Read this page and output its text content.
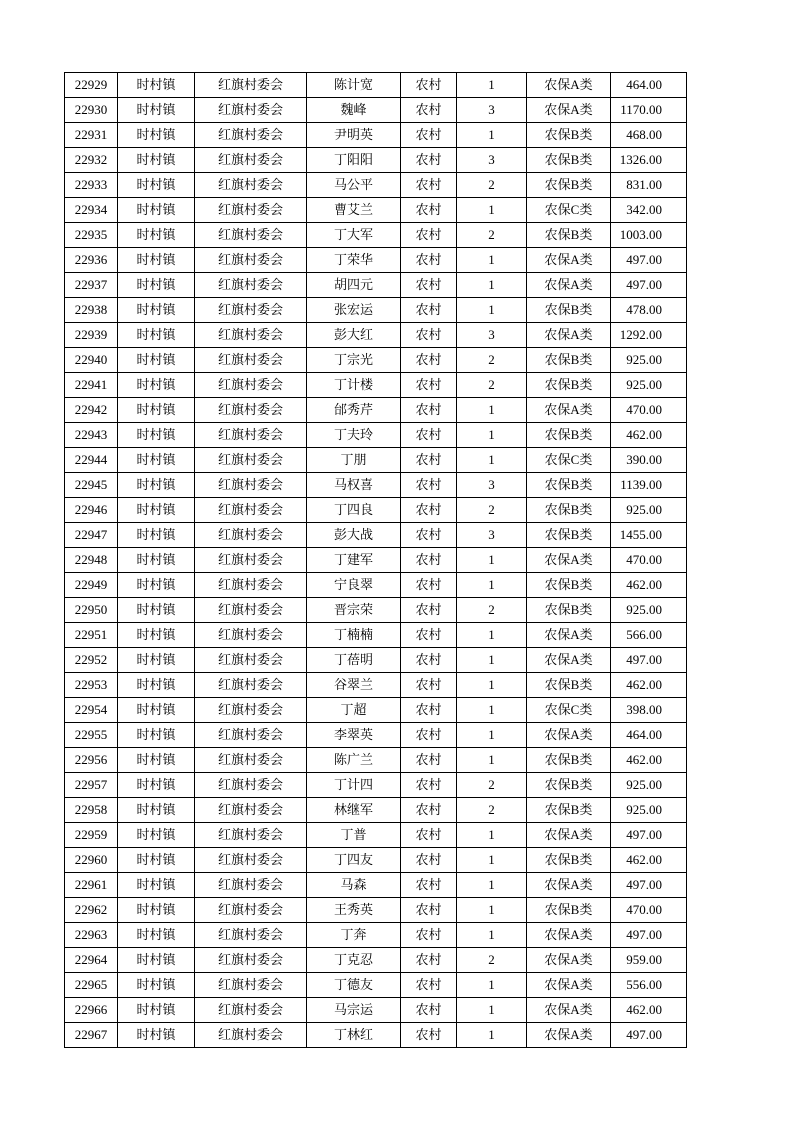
22929	时村镇	红旗村委会	陈计宽	农村	1	农保A类	464.00
22930	时村镇	红旗村委会	魏峰	农村	3	农保A类	1170.00
22931	时村镇	红旗村委会	尹明英	农村	1	农保B类	468.00
22932	时村镇	红旗村委会	丁阳阳	农村	3	农保B类	1326.00
22933	时村镇	红旗村委会	马公平	农村	2	农保B类	831.00
22934	时村镇	红旗村委会	曹艾兰	农村	1	农保C类	342.00
22935	时村镇	红旗村委会	丁大军	农村	2	农保B类	1003.00
22936	时村镇	红旗村委会	丁荣华	农村	1	农保A类	497.00
22937	时村镇	红旗村委会	胡四元	农村	1	农保A类	497.00
22938	时村镇	红旗村委会	张宏运	农村	1	农保B类	478.00
22939	时村镇	红旗村委会	彭大红	农村	3	农保A类	1292.00
22940	时村镇	红旗村委会	丁宗光	农村	2	农保B类	925.00
22941	时村镇	红旗村委会	丁计楼	农村	2	农保B类	925.00
22942	时村镇	红旗村委会	邰秀芹	农村	1	农保A类	470.00
22943	时村镇	红旗村委会	丁夫玲	农村	1	农保B类	462.00
22944	时村镇	红旗村委会	丁朋	农村	1	农保C类	390.00
22945	时村镇	红旗村委会	马权喜	农村	3	农保B类	1139.00
22946	时村镇	红旗村委会	丁四良	农村	2	农保B类	925.00
22947	时村镇	红旗村委会	彭大战	农村	3	农保B类	1455.00
22948	时村镇	红旗村委会	丁建军	农村	1	农保A类	470.00
22949	时村镇	红旗村委会	宁良翠	农村	1	农保B类	462.00
22950	时村镇	红旗村委会	晋宗荣	农村	2	农保B类	925.00
22951	时村镇	红旗村委会	丁楠楠	农村	1	农保A类	566.00
22952	时村镇	红旗村委会	丁蓓明	农村	1	农保A类	497.00
22953	时村镇	红旗村委会	谷翠兰	农村	1	农保B类	462.00
22954	时村镇	红旗村委会	丁超	农村	1	农保C类	398.00
22955	时村镇	红旗村委会	李翠英	农村	1	农保A类	464.00
22956	时村镇	红旗村委会	陈广兰	农村	1	农保B类	462.00
22957	时村镇	红旗村委会	丁计四	农村	2	农保B类	925.00
22958	时村镇	红旗村委会	林继军	农村	2	农保B类	925.00
22959	时村镇	红旗村委会	丁普	农村	1	农保A类	497.00
22960	时村镇	红旗村委会	丁四友	农村	1	农保B类	462.00
22961	时村镇	红旗村委会	马森	农村	1	农保A类	497.00
22962	时村镇	红旗村委会	王秀英	农村	1	农保B类	470.00
22963	时村镇	红旗村委会	丁奔	农村	1	农保A类	497.00
22964	时村镇	红旗村委会	丁克忍	农村	2	农保A类	959.00
22965	时村镇	红旗村委会	丁德友	农村	1	农保A类	556.00
22966	时村镇	红旗村委会	马宗运	农村	1	农保A类	462.00
22967	时村镇	红旗村委会	丁林红	农村	1	农保A类	497.00
